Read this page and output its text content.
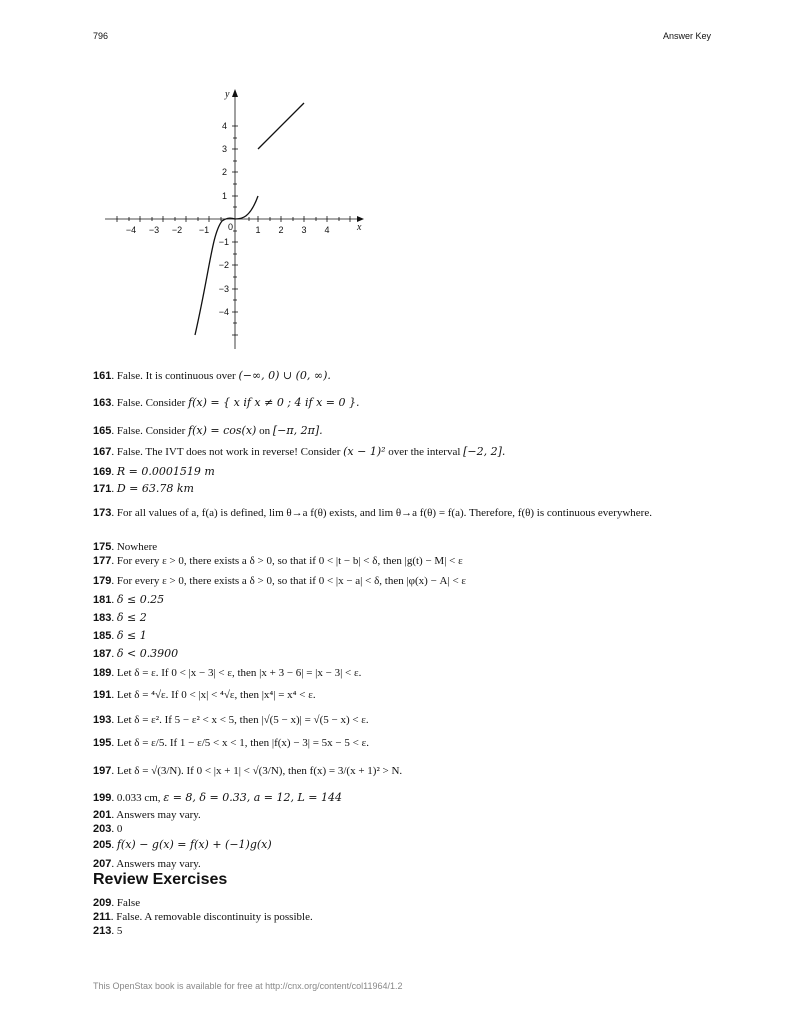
796	Answer Key
−4 −3 −2 −1	1 2 3 4	x
4
3
2
1
−1
−2
−3
−4
y
0
161. False. It is continuous over (−∞, 0) ∪ (0, ∞).
163. False. Consider f(x) = { x if x ≠ 0 ; 4 if x = 0 }.
165. False. Consider f(x) = cos(x) on [−π, 2π].
167. False. The IVT does not work in reverse! Consider (x − 1)² over the interval [−2, 2].
169. R = 0.0001519 m
171. D = 63.78 km
173. For all values of a, f(a) is defined, lim θ→a f(θ) exists, and lim θ→a f(θ) = f(a). Therefore, f(θ) is continuous everywhere.
175. Nowhere
177. For every ε > 0, there exists a δ > 0, so that if 0 < |t − b| < δ, then |g(t) − M| < ε
179. For every ε > 0, there exists a δ > 0, so that if 0 < |x − a| < δ, then |φ(x) − A| < ε
181. δ ≤ 0.25
183. δ ≤ 2
185. δ ≤ 1
187. δ < 0.3900
189. Let δ = ε. If 0 < |x − 3| < ε, then |x + 3 − 6| = |x − 3| < ε.
191. Let δ = ⁴√ε. If 0 < |x| < ⁴√ε, then |x⁴| = x⁴ < ε.
193. Let δ = ε². If 5 − ε² < x < 5, then |√(5 − x)| = √(5 − x) < ε.
195. Let δ = ε/5. If 1 − ε/5 < x < 1, then |f(x) − 3| = 5x − 5 < ε.
197. Let δ = √(3/N). If 0 < |x + 1| < √(3/N), then f(x) = 3/(x + 1)² > N.
199. 0.033 cm, ε = 8, δ = 0.33, a = 12, L = 144
201. Answers may vary.
203. 0
205. f(x) − g(x) = f(x) + (−1)g(x)
207. Answers may vary.
Review Exercises
209. False
211. False. A removable discontinuity is possible.
213. 5
This OpenStax book is available for free at http://cnx.org/content/col11964/1.2
